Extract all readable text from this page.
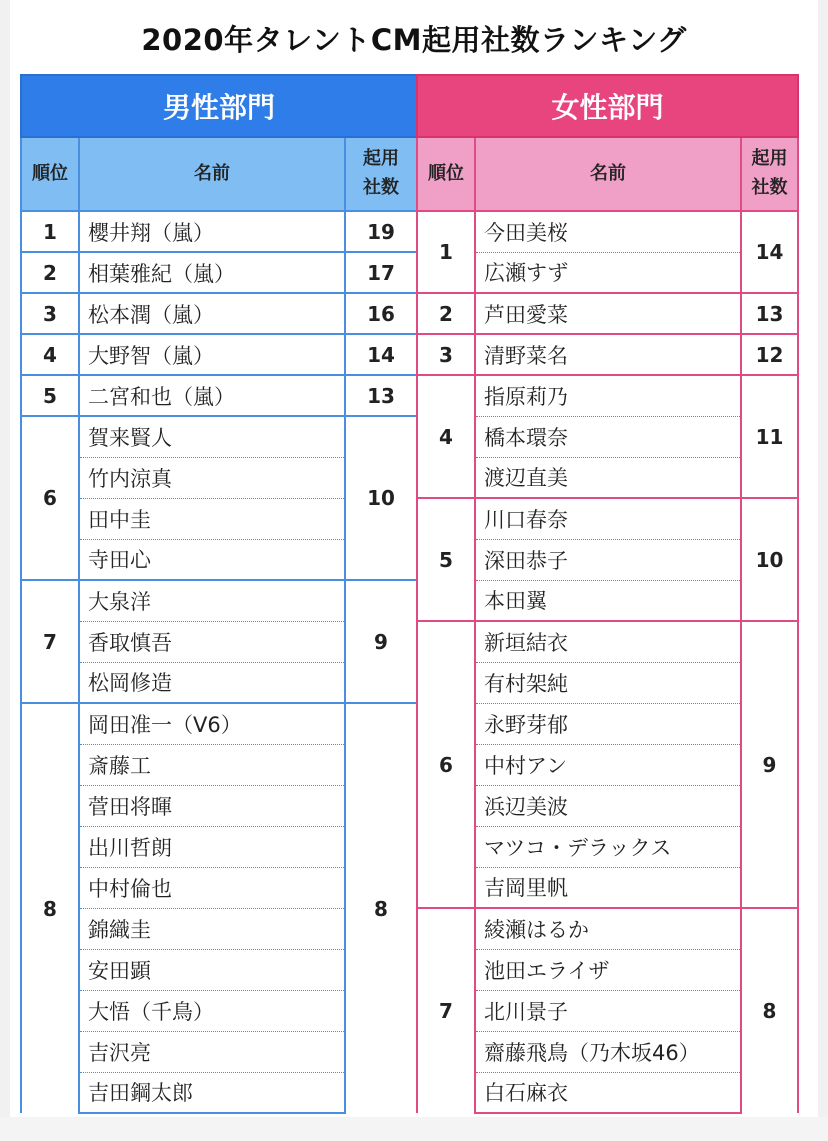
2020年タレントCM起用社数ランキング
男性部門		
順位	名前	起用社数
1	櫻井翔（嵐）	19
2	相葉雅紀（嵐）	17
3	松本潤（嵐）	16
4	大野智（嵐）	14
5	二宮和也（嵐）	13
6	賀来賢人	10
	竹内涼真	
	田中圭	
	寺田心	
7	大泉洋	9
	香取慎吾	
	松岡修造	
8	岡田准一（V6）	8
	斎藤工	
	菅田将暉	
	出川哲朗	
	中村倫也	
	錦織圭	
	安田顕	
	大悟（千鳥）	
	吉沢亮	
	吉田鋼太郎	
女性部門		
順位	名前	起用社数
1	今田美桜	14
	広瀬すず	
2	芦田愛菜	13
3	清野菜名	12
4	指原莉乃	11
	橋本環奈	
	渡辺直美	
5	川口春奈	10
	深田恭子	
	本田翼	
6	新垣結衣	9
	有村架純	
	永野芽郁	
	中村アン	
	浜辺美波	
	マツコ・デラックス	
	吉岡里帆	
7	綾瀬はるか	8
	池田エライザ	
	北川景子	
	齋藤飛鳥（乃木坂46）	
	白石麻衣	
